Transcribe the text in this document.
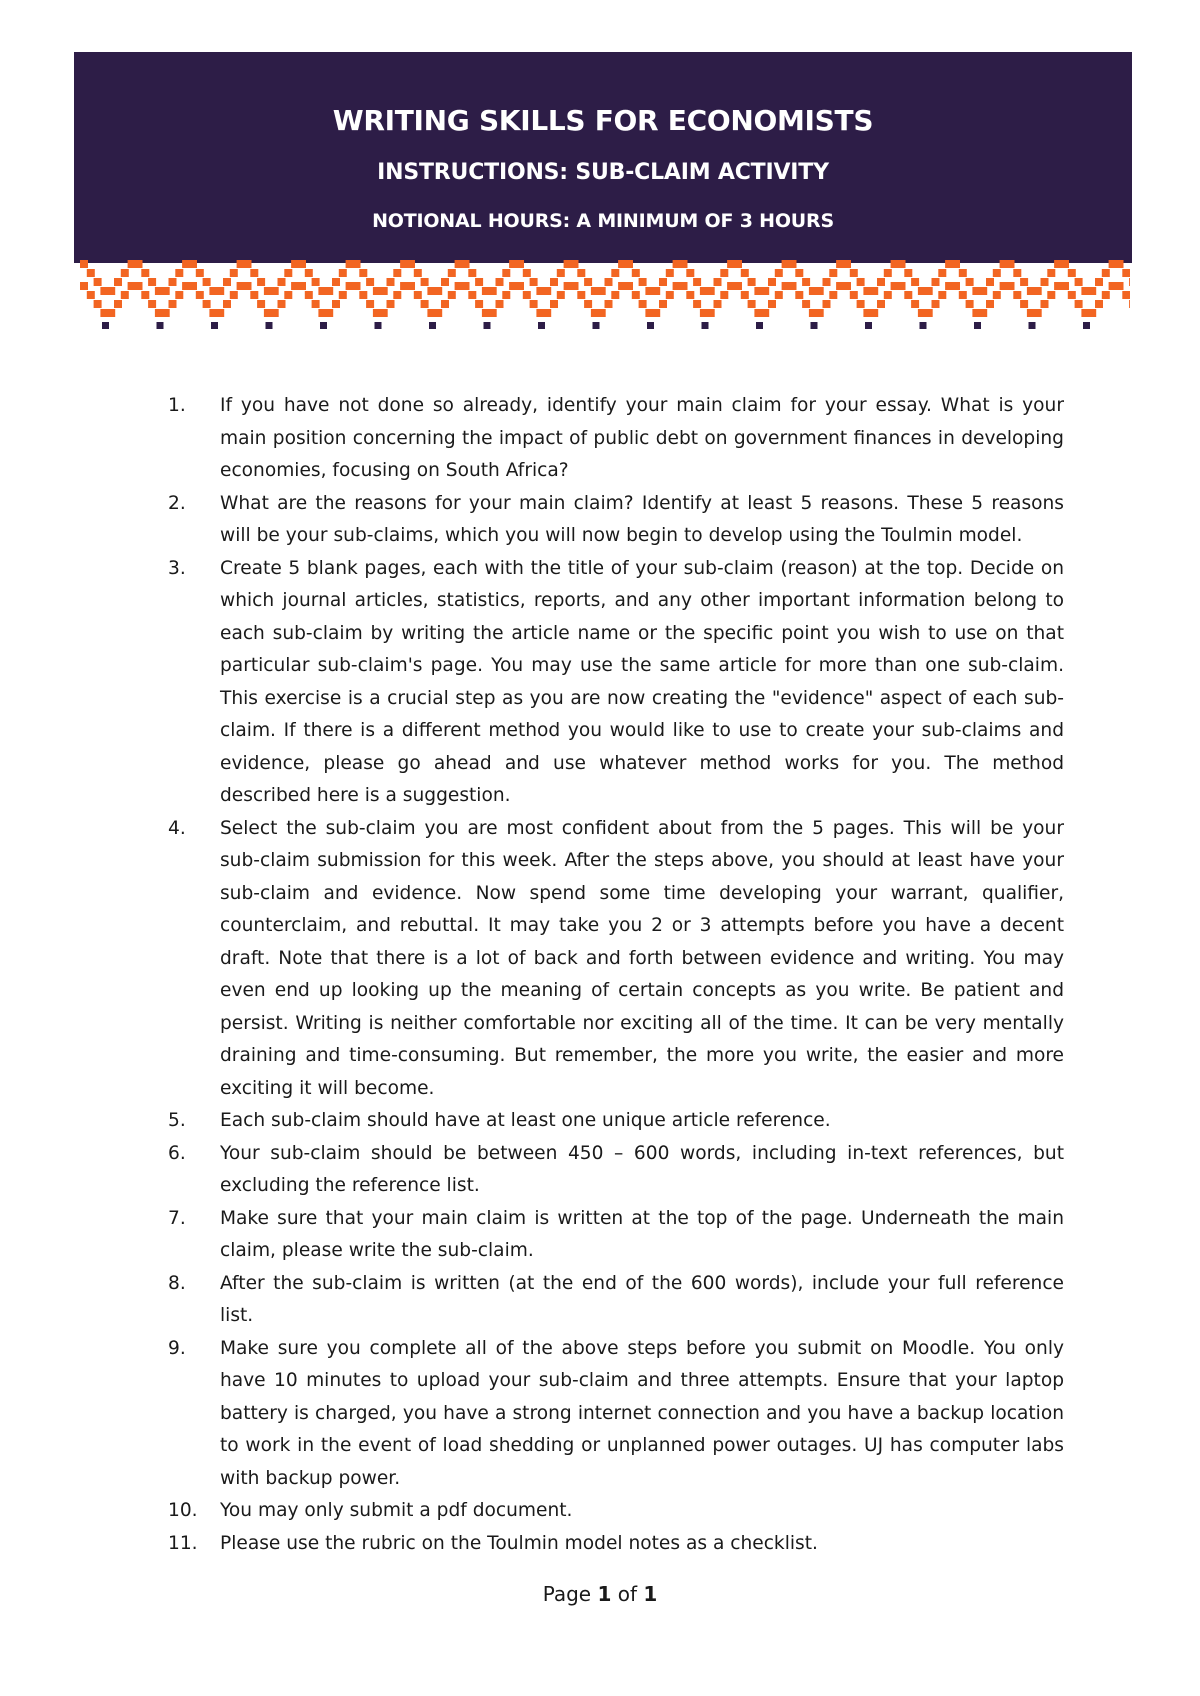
WRITING SKILLS FOR ECONOMISTS
INSTRUCTIONS: SUB-CLAIM ACTIVITY
NOTIONAL HOURS: A MINIMUM OF 3 HOURS
1.	If you have not done so already, identify your main claim for your essay. What is your main position concerning the impact of public debt on government finances in developing economies, focusing on South Africa?
2.	What are the reasons for your main claim? Identify at least 5 reasons. These 5 reasons will be your sub-claims, which you will now begin to develop using the Toulmin model.
3.	Create 5 blank pages, each with the title of your sub-claim (reason) at the top. Decide on which journal articles, statistics, reports, and any other important information belong to each sub-claim by writing the article name or the specific point you wish to use on that particular sub-claim's page. You may use the same article for more than one sub-claim. This exercise is a crucial step as you are now creating the "evidence" aspect of each sub-claim. If there is a different method you would like to use to create your sub-claims and evidence, please go ahead and use whatever method works for you. The method described here is a suggestion.
4.	Select the sub-claim you are most confident about from the 5 pages. This will be your sub-claim submission for this week. After the steps above, you should at least have your sub-claim and evidence. Now spend some time developing your warrant, qualifier, counterclaim, and rebuttal. It may take you 2 or 3 attempts before you have a decent draft. Note that there is a lot of back and forth between evidence and writing. You may even end up looking up the meaning of certain concepts as you write. Be patient and persist. Writing is neither comfortable nor exciting all of the time. It can be very mentally draining and time-consuming. But remember, the more you write, the easier and more exciting it will become.
5.	Each sub-claim should have at least one unique article reference.
6.	Your sub-claim should be between 450 – 600 words, including in-text references, but excluding the reference list.
7.	Make sure that your main claim is written at the top of the page. Underneath the main claim, please write the sub-claim.
8.	After the sub-claim is written (at the end of the 600 words), include your full reference list.
9.	Make sure you complete all of the above steps before you submit on Moodle. You only have 10 minutes to upload your sub-claim and three attempts. Ensure that your laptop battery is charged, you have a strong internet connection and you have a backup location to work in the event of load shedding or unplanned power outages. UJ has computer labs with backup power.
10.	You may only submit a pdf document.
11.	Please use the rubric on the Toulmin model notes as a checklist.
Page 1 of 1
